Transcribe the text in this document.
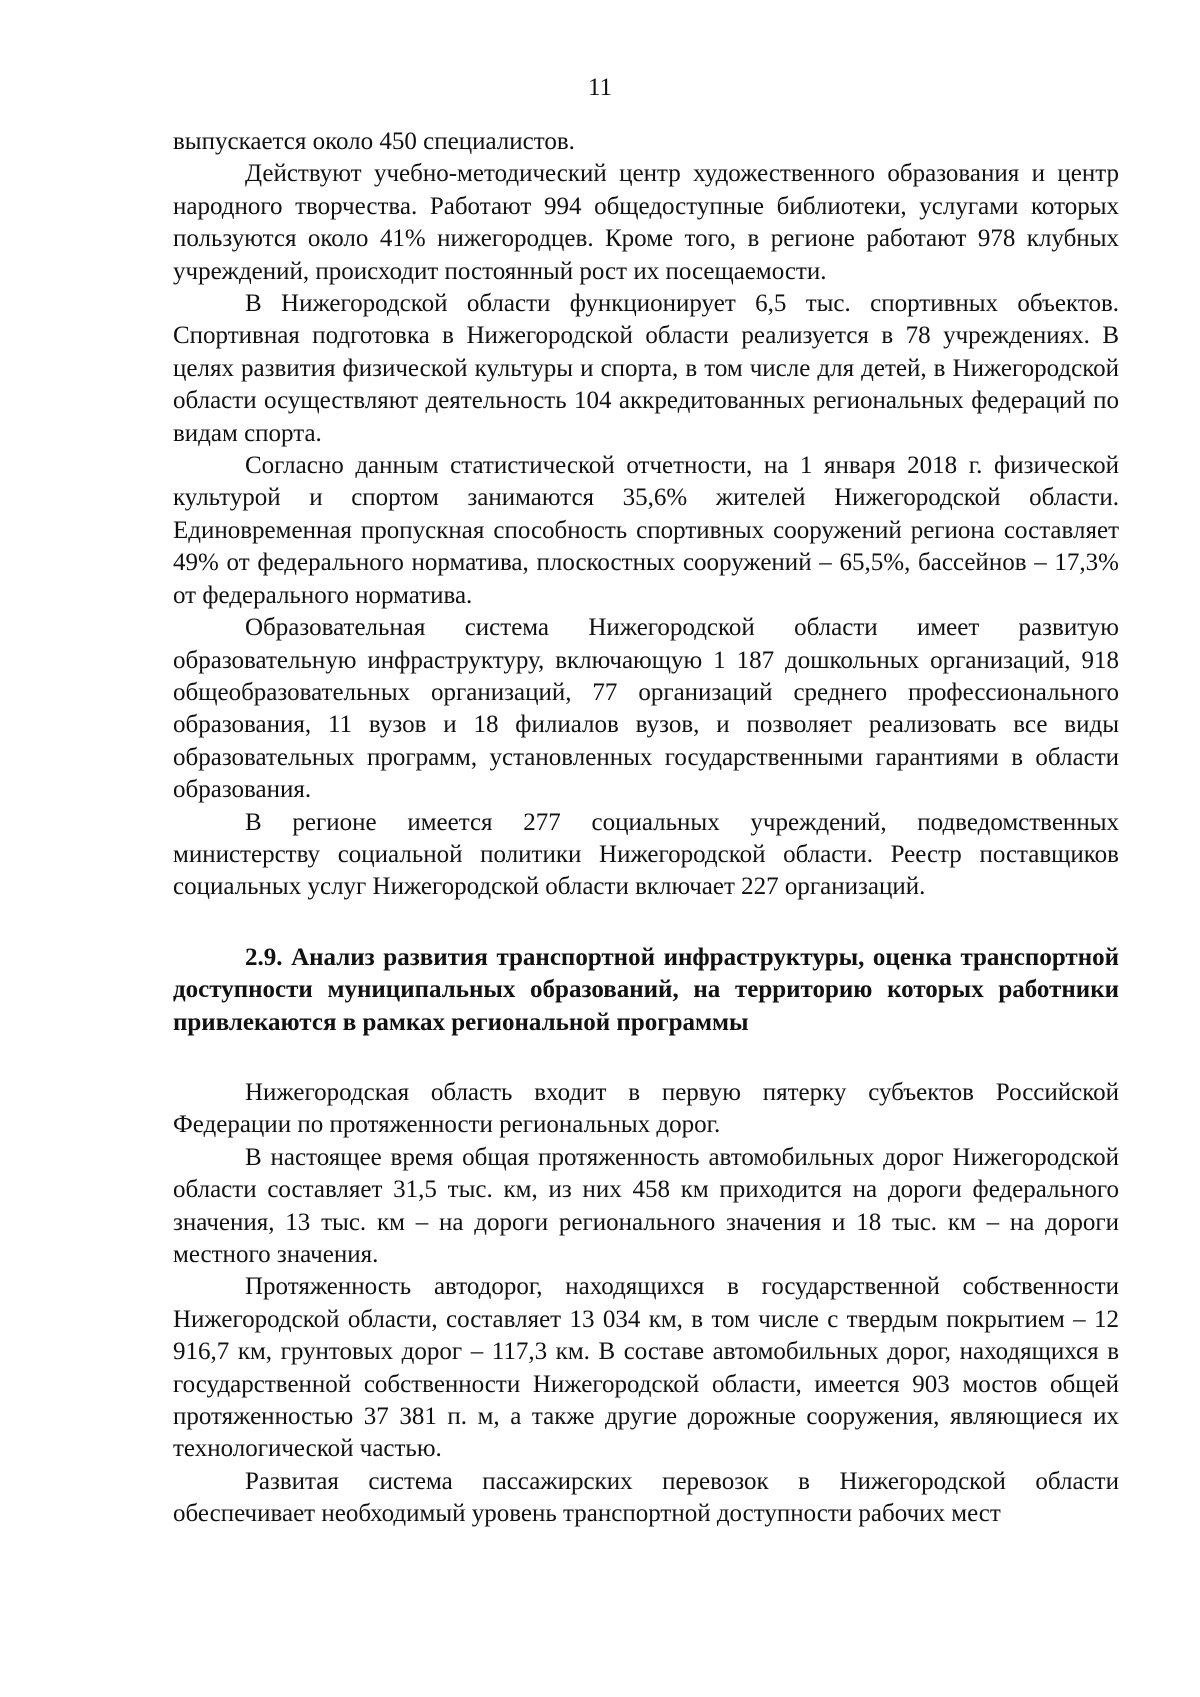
11

выпускается около 450 специалистов.

Действуют учебно-методический центр художественного образования и центр народного творчества. Работают 994 общедоступные библиотеки, услугами которых пользуются около 41% нижегородцев. Кроме того, в регионе работают 978 клубных учреждений, происходит постоянный рост их посещаемости.

В Нижегородской области функционирует 6,5 тыс. спортивных объектов. Спортивная подготовка в Нижегородской области реализуется в 78 учреждениях. В целях развития физической культуры и спорта, в том числе для детей, в Нижегородской области осуществляют деятельность 104 аккредитованных региональных федераций по видам спорта.

Согласно данным статистической отчетности, на 1 января 2018 г. физической культурой и спортом занимаются 35,6% жителей Нижегородской области. Единовременная пропускная способность спортивных сооружений региона составляет 49% от федерального норматива, плоскостных сооружений – 65,5%, бассейнов – 17,3% от федерального норматива.

Образовательная система Нижегородской области имеет развитую образовательную инфраструктуру, включающую 1 187 дошкольных организаций, 918 общеобразовательных организаций, 77 организаций среднего профессионального образования, 11 вузов и 18 филиалов вузов, и позволяет реализовать все виды образовательных программ, установленных государственными гарантиями в области образования.

В регионе имеется 277 социальных учреждений, подведомственных министерству социальной политики Нижегородской области. Реестр поставщиков социальных услуг Нижегородской области включает 227 организаций.

2.9. Анализ развития транспортной инфраструктуры, оценка транспортной доступности муниципальных образований, на территорию которых работники привлекаются в рамках региональной программы

Нижегородская область входит в первую пятерку субъектов Российской Федерации по протяженности региональных дорог.

В настоящее время общая протяженность автомобильных дорог Нижегородской области составляет 31,5 тыс. км, из них 458 км приходится на дороги федерального значения, 13 тыс. км – на дороги регионального значения и 18 тыс. км – на дороги местного значения.

Протяженность автодорог, находящихся в государственной собственности Нижегородской области, составляет 13 034 км, в том числе с твердым покрытием – 12 916,7 км, грунтовых дорог – 117,3 км. В составе автомобильных дорог, находящихся в государственной собственности Нижегородской области, имеется 903 мостов общей протяженностью 37 381 п. м, а также другие дорожные сооружения, являющиеся их технологической частью.

Развитая система пассажирских перевозок в Нижегородской области обеспечивает необходимый уровень транспортной доступности рабочих мест
